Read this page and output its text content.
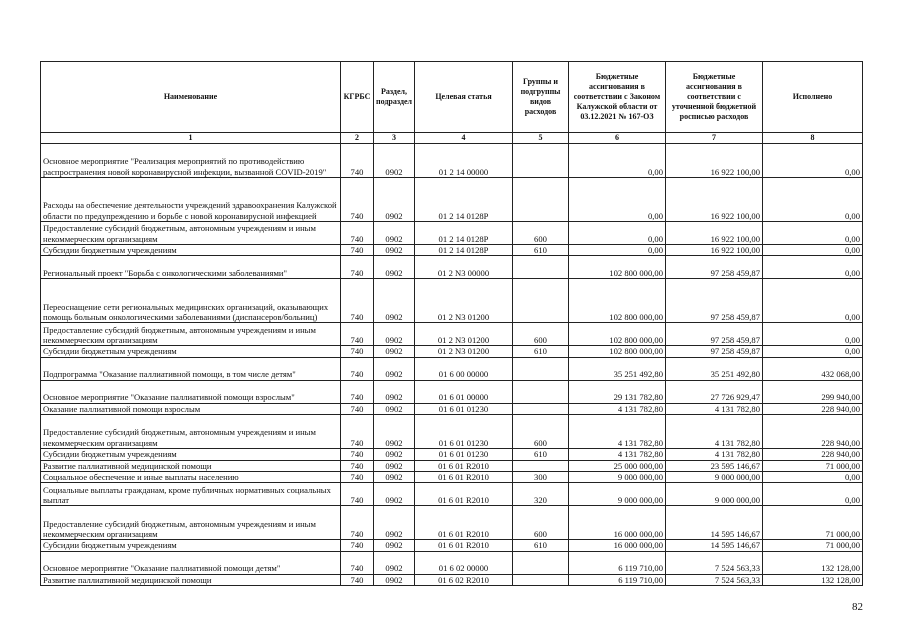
Наименование	КГРБС	Раздел, подраздел	Целевая статья	Группы и подгруппы видов расходов	Бюджетные ассигнования в соответствии с Законом Калужской области от 03.12.2021 № 167-ОЗ	Бюджетные ассигнования в соответствии с уточненной бюджетной росписью расходов	Исполнено
1	2	3	4	5	6	7	8
Основное мероприятие "Реализация мероприятий по противодействию распространения новой коронавирусной инфекции, вызванной COVID-2019"	740	0902	01 2 14 00000		0,00	16 922 100,00	0,00
Расходы на обеспечение деятельности учреждений здравоохранения Калужской области по предупреждению и борьбе с новой коронавирусной инфекцией	740	0902	01 2 14 0128P		0,00	16 922 100,00	0,00
Предоставление субсидий бюджетным, автономным учреждениям и иным некоммерческим организациям	740	0902	01 2 14 0128P	600	0,00	16 922 100,00	0,00
Субсидии бюджетным учреждениям	740	0902	01 2 14 0128P	610	0,00	16 922 100,00	0,00
Региональный проект "Борьба с онкологическими заболеваниями"	740	0902	01 2 N3 00000		102 800 000,00	97 258 459,87	0,00
Переоснащение сети региональных медицинских организаций, оказывающих помощь больным онкологическими заболеваниями (диспансеров/больниц)	740	0902	01 2 N3 01200		102 800 000,00	97 258 459,87	0,00
Предоставление субсидий бюджетным, автономным учреждениям и иным некоммерческим организациям	740	0902	01 2 N3 01200	600	102 800 000,00	97 258 459,87	0,00
Субсидии бюджетным учреждениям	740	0902	01 2 N3 01200	610	102 800 000,00	97 258 459,87	0,00
Подпрограмма "Оказание паллиативной помощи, в том числе детям"	740	0902	01 6 00 00000		35 251 492,80	35 251 492,80	432 068,00
Основное мероприятие "Оказание паллиативной помощи взрослым"	740	0902	01 6 01 00000		29 131 782,80	27 726 929,47	299 940,00
Оказание паллиативной помощи взрослым	740	0902	01 6 01 01230		4 131 782,80	4 131 782,80	228 940,00
Предоставление субсидий бюджетным, автономным учреждениям и иным некоммерческим организациям	740	0902	01 6 01 01230	600	4 131 782,80	4 131 782,80	228 940,00
Субсидии бюджетным учреждениям	740	0902	01 6 01 01230	610	4 131 782,80	4 131 782,80	228 940,00
Развитие паллиативной медицинской помощи	740	0902	01 6 01 R2010		25 000 000,00	23 595 146,67	71 000,00
Социальное обеспечение и иные выплаты населению	740	0902	01 6 01 R2010	300	9 000 000,00	9 000 000,00	0,00
Социальные выплаты гражданам, кроме публичных нормативных социальных выплат	740	0902	01 6 01 R2010	320	9 000 000,00	9 000 000,00	0,00
Предоставление субсидий бюджетным, автономным учреждениям и иным некоммерческим организациям	740	0902	01 6 01 R2010	600	16 000 000,00	14 595 146,67	71 000,00
Субсидии бюджетным учреждениям	740	0902	01 6 01 R2010	610	16 000 000,00	14 595 146,67	71 000,00
Основное мероприятие "Оказание паллиативной помощи детям"	740	0902	01 6 02 00000		6 119 710,00	7 524 563,33	132 128,00
Развитие паллиативной медицинской помощи	740	0902	01 6 02 R2010		6 119 710,00	7 524 563,33	132 128,00
82
